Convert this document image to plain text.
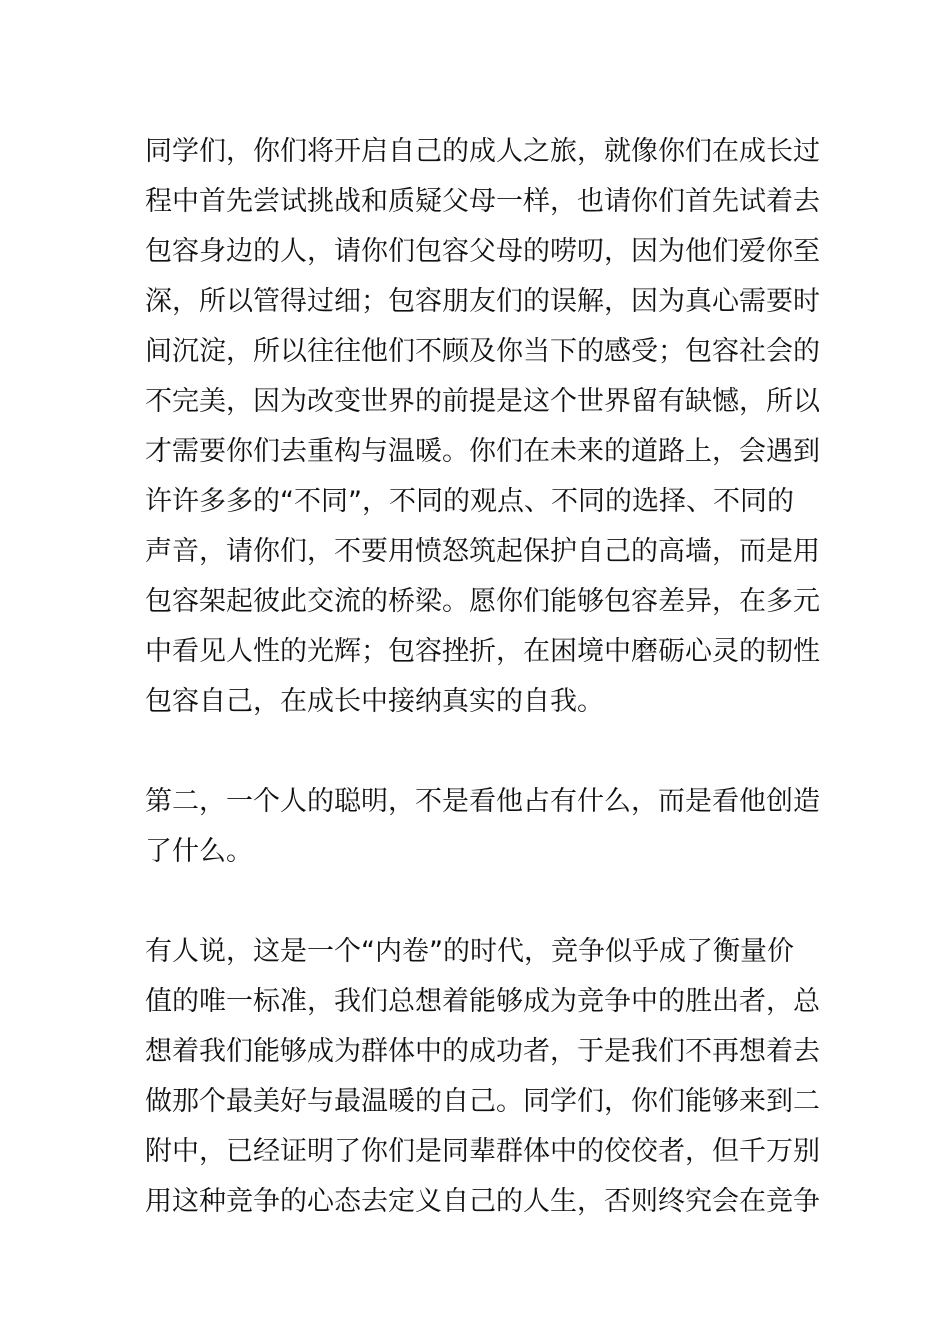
同学们，你们将开启自己的成人之旅，就像你们在成长过
程中首先尝试挑战和质疑父母一样，也请你们首先试着去
包容身边的人，请你们包容父母的唠叨，因为他们爱你至
深，所以管得过细；包容朋友们的误解，因为真心需要时
间沉淀，所以往往他们不顾及你当下的感受；包容社会的
不完美，因为改变世界的前提是这个世界留有缺憾，所以
才需要你们去重构与温暖。你们在未来的道路上，会遇到
许许多多的“不同”，不同的观点、不同的选择、不同的
声音，请你们，不要用愤怒筑起保护自己的高墙，而是用
包容架起彼此交流的桥梁。愿你们能够包容差异，在多元
中看见人性的光辉；包容挫折，在困境中磨砺心灵的韧性
包容自己，在成长中接纳真实的自我。

第二，一个人的聪明，不是看他占有什么，而是看他创造
了什么。

有人说，这是一个“内卷”的时代，竞争似乎成了衡量价
值的唯一标准，我们总想着能够成为竞争中的胜出者，总
想着我们能够成为群体中的成功者，于是我们不再想着去
做那个最美好与最温暖的自己。同学们，你们能够来到二
附中，已经证明了你们是同辈群体中的佼佼者，但千万别
用这种竞争的心态去定义自己的人生，否则终究会在竞争
